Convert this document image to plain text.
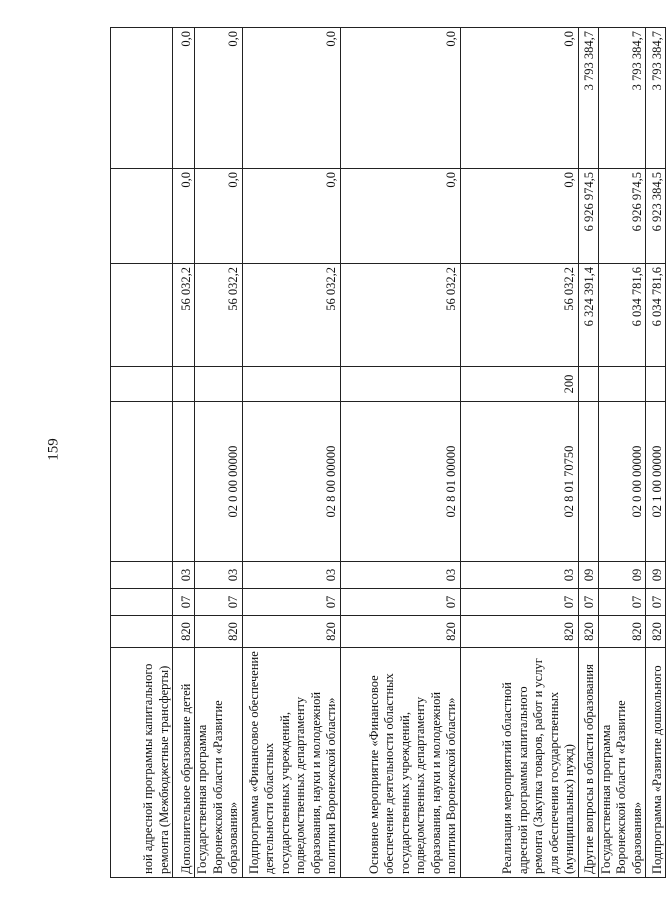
159
ной адресной программы капитального ремонта (Межбюджетные трансферты)								
Дополнительное образование детей	820	07	03			56 032,2	0,0	0,0
Государственная программа Воронежской области «Развитие образования»	820	07	03	02 0 00 00000		56 032,2	0,0	0,0
Подпрограмма «Финансовое обеспечение деятельности областных государственных учреждений, подведомственных департаменту образования, науки и молодежной политики Воронежской области»	820	07	03	02 8 00 00000		56 032,2	0,0	0,0
Основное мероприятие «Финансовое обеспечение деятельности областных государственных учреждений, подведомственных департаменту образования, науки и молодежной политики Воронежской области»	820	07	03	02 8 01 00000		56 032,2	0,0	0,0
Реализация мероприятий областной адресной программы капитального ремонта (Закупка товаров, работ и услуг для обеспечения государственных (муниципальных) нужд)	820	07	03	02 8 01 70750	200	56 032,2	0,0	0,0
Другие вопросы в области образования	820	07	09			6 324 391,4	6 926 974,5	3 793 384,7
Государственная программа Воронежской области «Развитие образования»	820	07	09	02 0 00 00000		6 034 781,6	6 926 974,5	3 793 384,7
Подпрограмма «Развитие дошкольного	820	07	09	02 1 00 00000		6 034 781,6	6 923 384,5	3 793 384,7
